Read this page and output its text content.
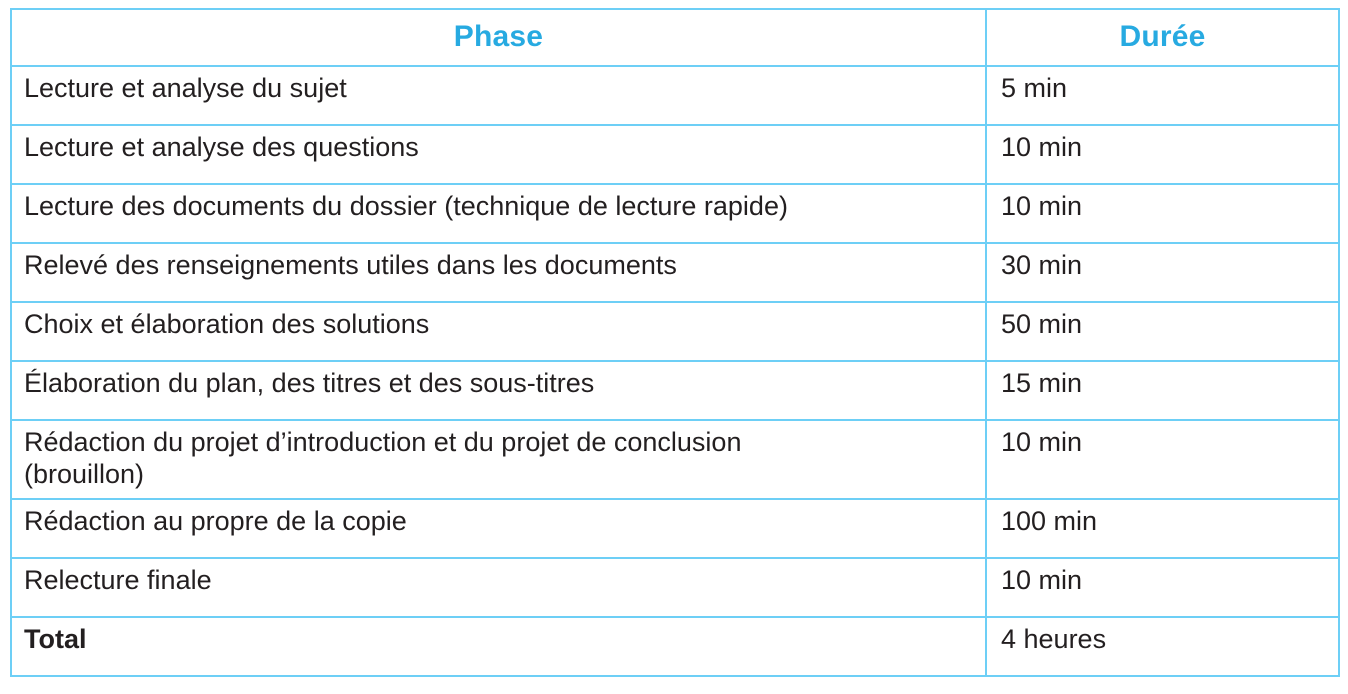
Phase	Durée
Lecture et analyse du sujet	5 min
Lecture et analyse des questions	10 min
Lecture des documents du dossier (technique de lecture rapide)	10 min
Relevé des renseignements utiles dans les documents	30 min
Choix et élaboration des solutions	50 min
Élaboration du plan, des titres et des sous-titres	15 min
Rédaction du projet d’introduction et du projet de conclusion
(brouillon)	10 min
Rédaction au propre de la copie	100 min
Relecture finale	10 min
Total	4 heures
